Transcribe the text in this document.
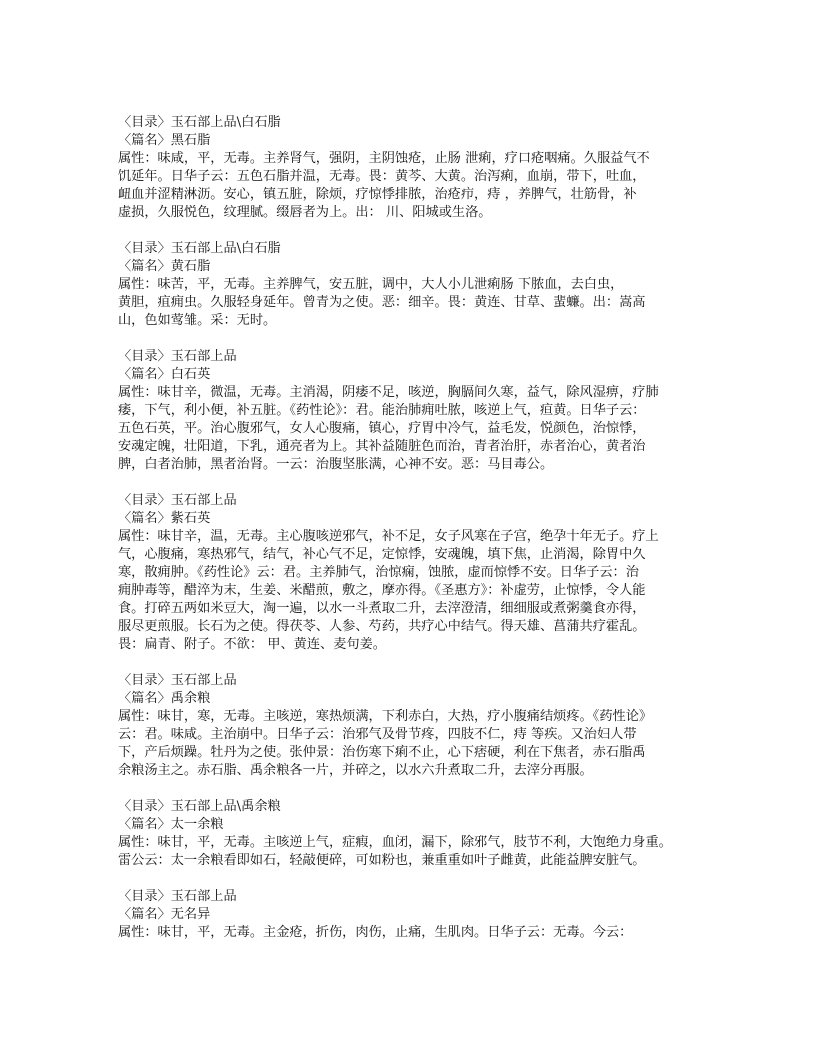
〈目录〉玉石部上品\白石脂
〈篇名〉黑石脂
属性：味咸，平，无毒。主养肾气，强阴，主阴蚀疮，止肠 泄痢，疗口疮咽痛。久服益气不
饥延年。日华子云：五色石脂并温，无毒。畏：黄芩、大黄。治泻痢，血崩，带下，吐血，
衄血并涩精淋沥。安心，镇五脏，除烦，疗惊悸排脓，治疮疖，痔 ，养脾气，壮筋骨，补
虚损，久服悦色，纹理腻。缀唇者为上。出： 川、阳城或生洛。
〈目录〉玉石部上品\白石脂
〈篇名〉黄石脂
属性：味苦，平，无毒。主养脾气，安五脏，调中，大人小儿泄痢肠 下脓血，去白虫，
黄胆，疽痈虫。久服轻身延年。曾青为之使。恶：细辛。畏：黄连、甘草、蜚蠊。出：嵩高
山，色如莺雏。采：无时。
〈目录〉玉石部上品
〈篇名〉白石英
属性：味甘辛，微温，无毒。主消渴，阴痿不足，咳逆，胸膈间久寒，益气，除风湿痹，疗肺
痿，下气，利小便，补五脏。《药性论》：君。能治肺痈吐脓，咳逆上气，疸黄。日华子云：
五色石英，平。治心腹邪气，女人心腹痛，镇心，疗胃中冷气，益毛发，悦颜色，治惊悸，
安魂定魄，壮阳道，下乳，通亮者为上。其补益随脏色而治，青者治肝，赤者治心，黄者治
脾，白者治肺，黑者治肾。一云：治腹坚胀满，心神不安。恶：马目毒公。
〈目录〉玉石部上品
〈篇名〉紫石英
属性：味甘辛，温，无毒。主心腹咳逆邪气，补不足，女子风寒在子宫，绝孕十年无子。疗上
气，心腹痛，寒热邪气，结气，补心气不足，定惊悸，安魂魄，填下焦，止消渴，除胃中久
寒，散痈肿。《药性论》云：君。主养肺气，治惊痫，蚀脓，虚而惊悸不安。日华子云：治
痈肿毒等，醋淬为末，生姜、米醋煎，敷之，摩亦得。《圣惠方》：补虚劳，止惊悸，令人能
食。打碎五两如米豆大，淘一遍，以水一斗煮取二升，去滓澄清，细细服或煮粥羹食亦得，
服尽更煎服。长石为之使。得茯苓、人参、芍药，共疗心中结气。得天雄、菖蒲共疗霍乱。
畏：扁青、附子。不欲： 甲、黄连、麦句姜。
〈目录〉玉石部上品
〈篇名〉禹余粮
属性：味甘，寒，无毒。主咳逆，寒热烦满，下利赤白，大热，疗小腹痛结烦疼。《药性论》
云：君。味咸。主治崩中。日华子云：治邪气及骨节疼，四肢不仁，痔 等疾。又治妇人带
下，产后烦躁。牡丹为之使。张仲景：治伤寒下痢不止，心下痞硬，利在下焦者，赤石脂禹
余粮汤主之。赤石脂、禹余粮各一片，并碎之，以水六升煮取二升，去滓分再服。
〈目录〉玉石部上品\禹余粮
〈篇名〉太一余粮
属性：味甘，平，无毒。主咳逆上气，症瘕，血闭，漏下，除邪气，肢节不利，大饱绝力身重。
雷公云：太一余粮看即如石，轻敲便碎，可如粉也，兼重重如叶子雌黄，此能益脾安脏气。
〈目录〉玉石部上品
〈篇名〉无名异
属性：味甘，平，无毒。主金疮，折伤，肉伤，止痛，生肌肉。日华子云：无毒。今云：
